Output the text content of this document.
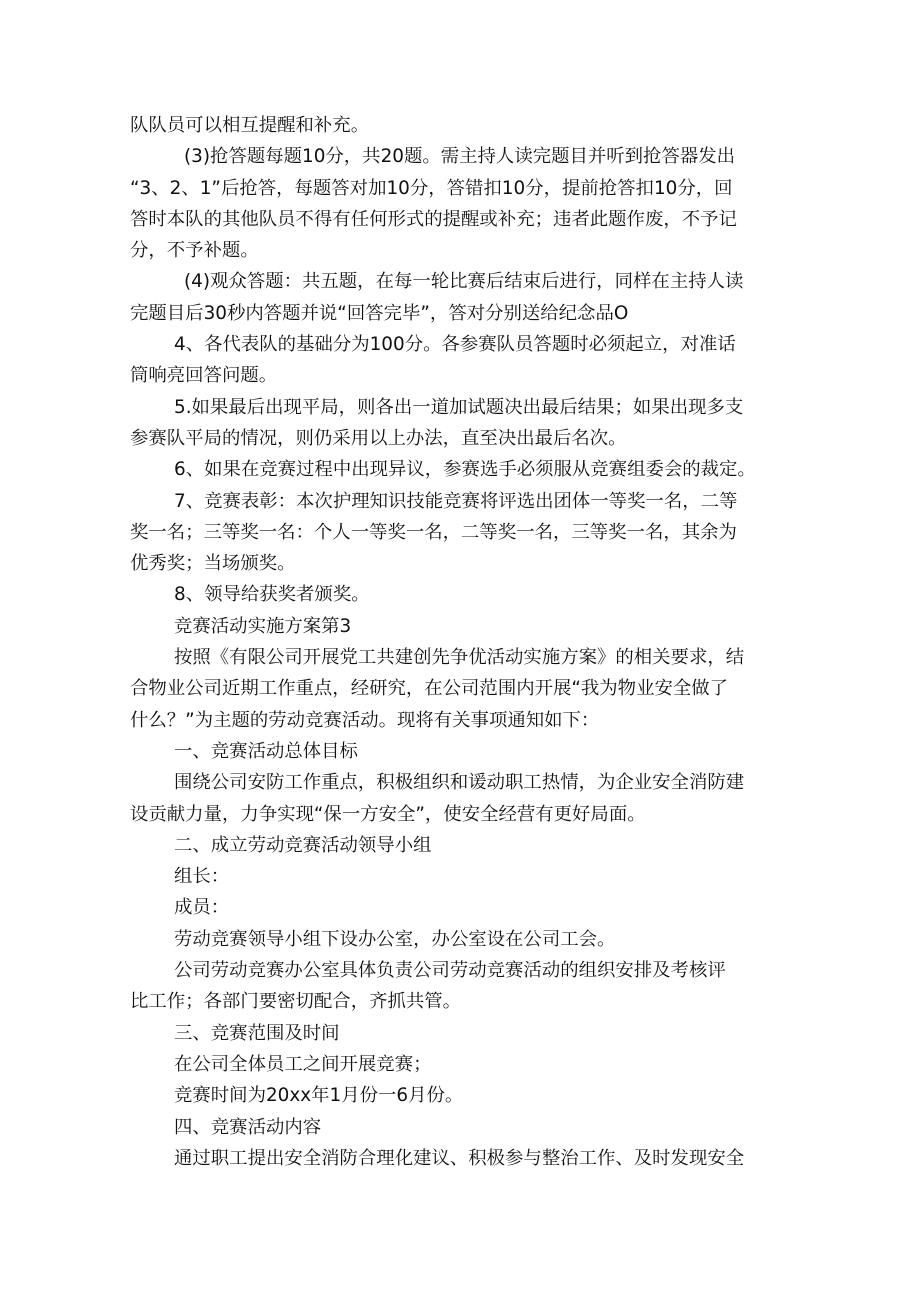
队队员可以相互提醒和补充。

(3)抢答题每题10分，共20题。需主持人读完题目并听到抢答器发出

“3、2、1”后抢答，每题答对加10分，答错扣10分，提前抢答扣10分，回

答时本队的其他队员不得有任何形式的提醒或补充；违者此题作废，不予记

分，不予补题。

(4)观众答题：共五题，在每一轮比赛后结束后进行，同样在主持人读

完题目后30秒内答题并说“回答完毕”，答对分别送给纪念品O

4、各代表队的基础分为100分。各参赛队员答题时必须起立，对准话

筒响亮回答问题。

5.如果最后出现平局，则各出一道加试题决出最后结果；如果出现多支

参赛队平局的情况，则仍采用以上办法，直至决出最后名次。

6、如果在竞赛过程中出现异议，参赛选手必须服从竞赛组委会的裁定。

7、竞赛表彰：本次护理知识技能竞赛将评选出团体一等奖一名，二等

奖一名；三等奖一名：个人一等奖一名，二等奖一名，三等奖一名，其余为

优秀奖；当场颁奖。

8、领导给获奖者颁奖。

竞赛活动实施方案第3

按照《有限公司开展党工共建创先争优活动实施方案》的相关要求，结

合物业公司近期工作重点，经研究，在公司范围内开展“我为物业安全做了

什么？”为主题的劳动竞赛活动。现将有关事项通知如下：

一、竞赛活动总体目标

围绕公司安防工作重点，积极组织和谖动职工热情，为企业安全消防建

设贡献力量，力争实现“保一方安全”，使安全经营有更好局面。

二、成立劳动竞赛活动领导小组

组长：

成员：

劳动竞赛领导小组下设办公室，办公室设在公司工会。

公司劳动竞赛办公室具体负责公司劳动竞赛活动的组织安排及考核评

比工作；各部门要密切配合，齐抓共管。

三、竞赛范围及时间

在公司全体员工之间开展竞赛；

竞赛时间为20xx年1月份一6月份。

四、竞赛活动内容

通过职工提出安全消防合理化建议、积极参与整治工作、及时发现安全
